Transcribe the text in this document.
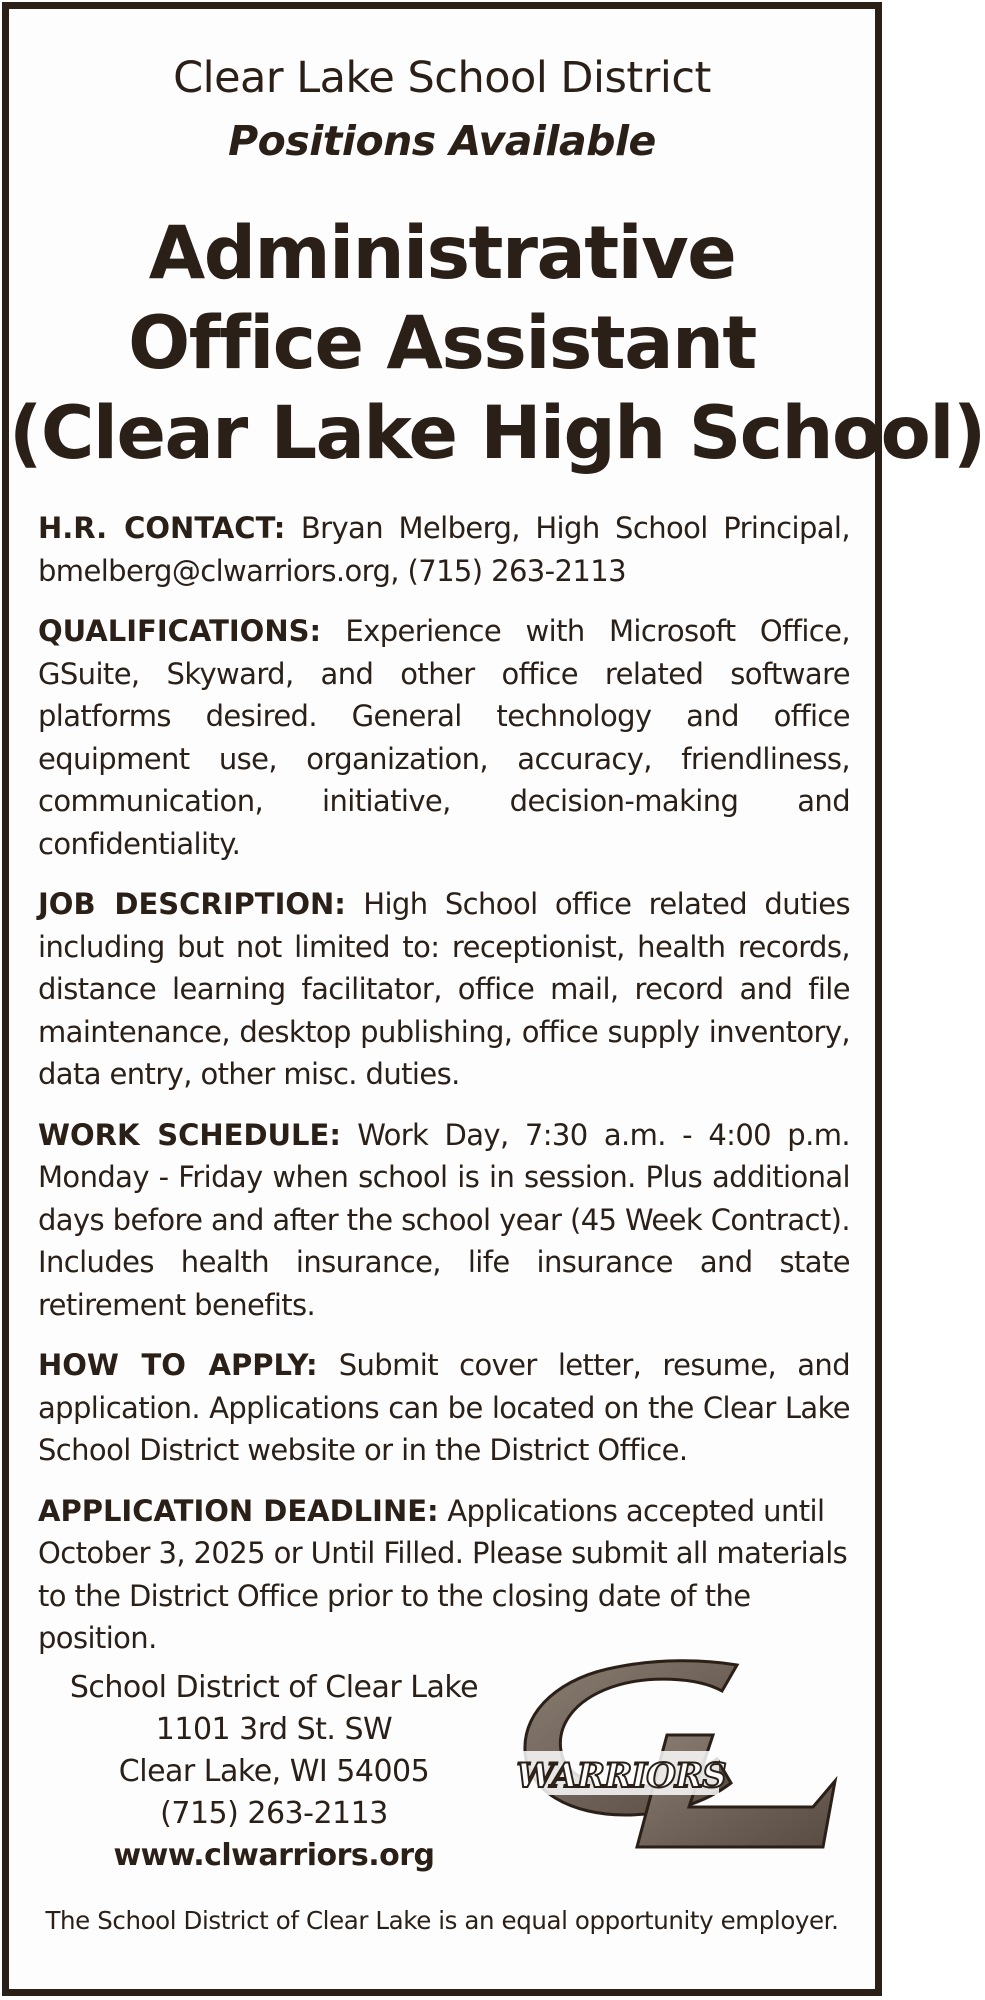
Clear Lake School District
Positions Available
Administrative
Office Assistant
(Clear Lake High School)

H.R. CONTACT: Bryan Melberg, High School Principal, bmelberg@clwarriors.org, (715) 263-2113

QUALIFICATIONS: Experience with Microsoft Office, GSuite, Skyward, and other office related software platforms desired. General technology and office equipment use, organization, accuracy, friendliness, communication, initiative, decision-making and confidentiality.

JOB DESCRIPTION: High School office related duties including but not limited to: receptionist, health records, distance learning facilitator, office mail, record and file maintenance, desktop publishing, office supply inventory, data entry, other misc. duties.

WORK SCHEDULE: Work Day, 7:30 a.m. - 4:00 p.m. Monday - Friday when school is in session. Plus additional days before and after the school year (45 Week Contract). Includes health insurance, life insurance and state retirement benefits.

HOW TO APPLY: Submit cover letter, resume, and application. Applications can be located on the Clear Lake School District website or in the District Office.

APPLICATION DEADLINE: Applications accepted until October 3, 2025 or Until Filled. Please submit all materials to the District Office prior to the closing date of the position.

School District of Clear Lake
1101 3rd St. SW
Clear Lake, WI 54005
(715) 263-2113
www.clwarriors.org
WARRIORS
The School District of Clear Lake is an equal opportunity employer.
